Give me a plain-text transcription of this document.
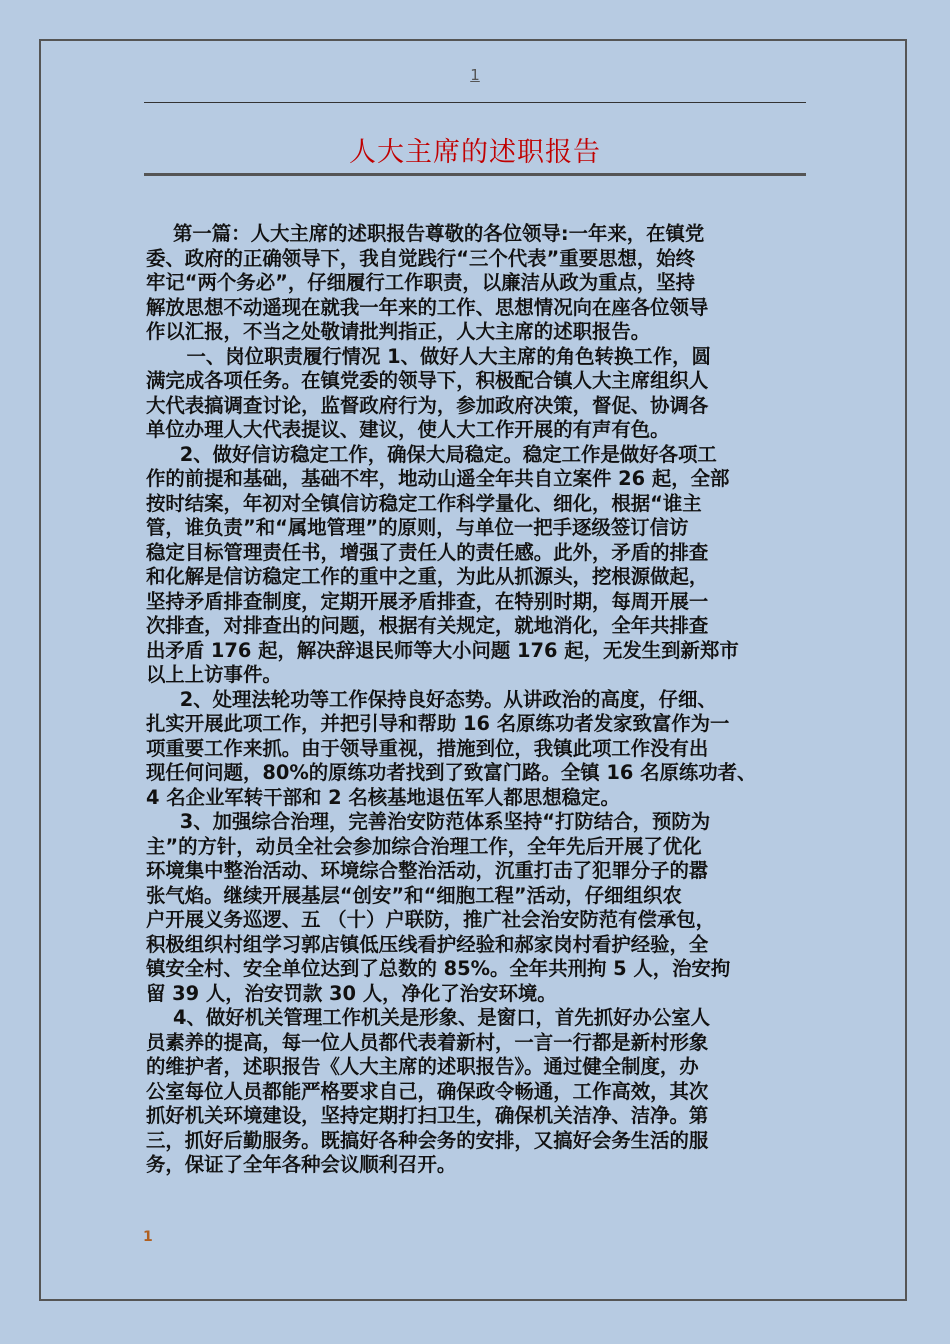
1
人大主席的述职报告
第一篇：人大主席的述职报告尊敬的各位领导:一年来，在镇党
委、政府的正确领导下，我自觉践行“三个代表”重要思想，始终
牢记“两个务必”，仔细履行工作职责，以廉洁从政为重点，坚持
解放思想不动遥现在就我一年来的工作、思想情况向在座各位领导
作以汇报，不当之处敬请批判指正，人大主席的述职报告。
一、岗位职责履行情况 1、做好人大主席的角色转换工作，圆
满完成各项任务。在镇党委的领导下，积极配合镇人大主席组织人
大代表搞调查讨论，监督政府行为，参加政府决策，督促、协调各
单位办理人大代表提议、建议，使人大工作开展的有声有色。
2、做好信访稳定工作，确保大局稳定。稳定工作是做好各项工
作的前提和基础，基础不牢，地动山遥全年共自立案件 26 起，全部
按时结案，年初对全镇信访稳定工作科学量化、细化，根据“谁主
管，谁负责”和“属地管理”的原则，与单位一把手逐级签订信访
稳定目标管理责任书，增强了责任人的责任感。此外，矛盾的排查
和化解是信访稳定工作的重中之重，为此从抓源头，挖根源做起，
坚持矛盾排查制度，定期开展矛盾排查，在特别时期，每周开展一
次排查，对排查出的问题，根据有关规定，就地消化，全年共排查
出矛盾 176 起，解决辞退民师等大小问题 176 起，无发生到新郑市
以上上访事件。
2、处理法轮功等工作保持良好态势。从讲政治的高度，仔细、
扎实开展此项工作，并把引导和帮助 16 名原练功者发家致富作为一
项重要工作来抓。由于领导重视，措施到位，我镇此项工作没有出
现任何问题，80%的原练功者找到了致富门路。全镇 16 名原练功者、
4 名企业军转干部和 2 名核基地退伍军人都思想稳定。
3、加强综合治理，完善治安防范体系坚持“打防结合，预防为
主”的方针，动员全社会参加综合治理工作，全年先后开展了优化
环境集中整治活动、环境综合整治活动，沉重打击了犯罪分子的嚣
张气焰。继续开展基层“创安”和“细胞工程”活动，仔细组织农
户开展义务巡逻、五 （十）户联防，推广社会治安防范有偿承包，
积极组织村组学习郭店镇低压线看护经验和郝家岗村看护经验，全
镇安全村、安全单位达到了总数的 85%。全年共刑拘 5 人，治安拘
留 39 人，治安罚款 30 人，净化了治安环境。
4、做好机关管理工作机关是形象、是窗口，首先抓好办公室人
员素养的提高，每一位人员都代表着新村，一言一行都是新村形象
的维护者，述职报告《人大主席的述职报告》。通过健全制度，办
公室每位人员都能严格要求自己，确保政令畅通，工作高效，其次
抓好机关环境建设，坚持定期打扫卫生，确保机关洁净、洁净。第
三，抓好后勤服务。既搞好各种会务的安排，又搞好会务生活的服
务，保证了全年各种会议顺利召开。
1
